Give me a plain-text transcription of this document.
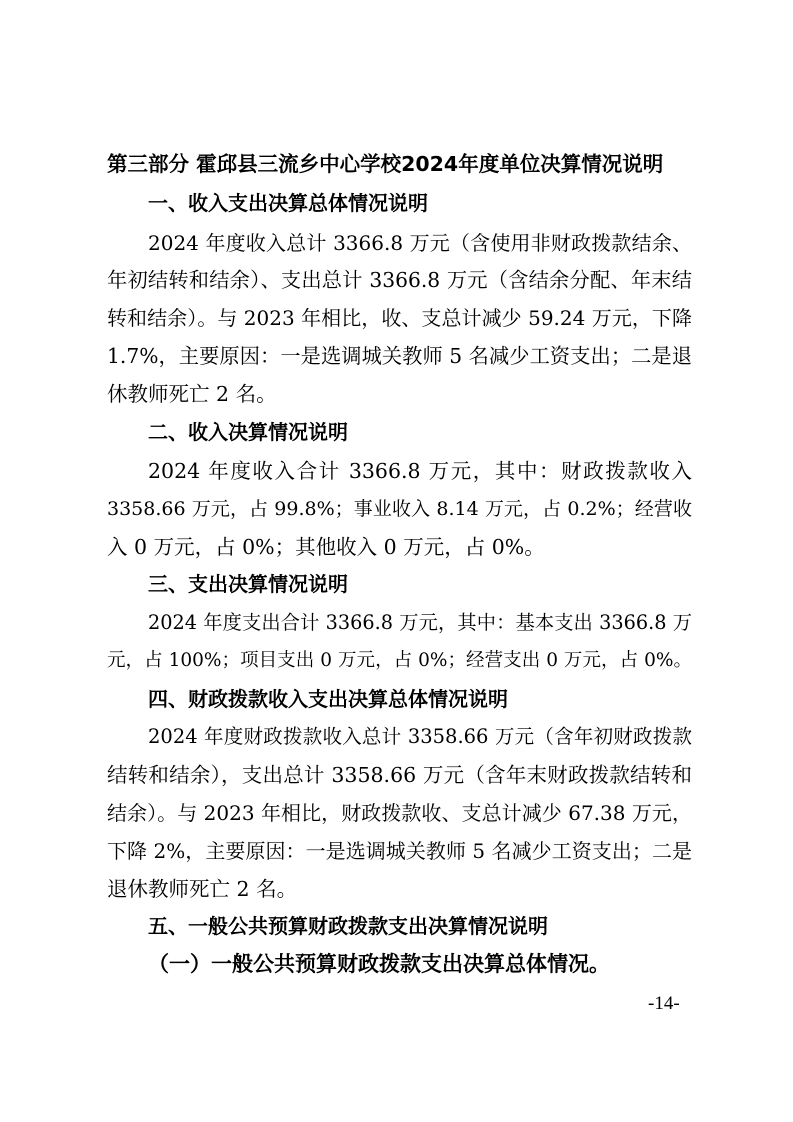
第三部分 霍邱县三流乡中心学校2024年度单位决算情况说明
一、收入支出决算总体情况说明
2024 年度收入总计 3366.8 万元（含使用非财政拨款结余、
年初结转和结余）、支出总计 3366.8 万元（含结余分配、年末结
转和结余）。与 2023 年相比，收、支总计减少 59.24 万元，下降
1.7%，主要原因：一是选调城关教师 5 名减少工资支出；二是退
休教师死亡 2 名。
二、收入决算情况说明
2024 年度收入合计 3366.8 万元，其中：财政拨款收入
3358.66 万元，占 99.8%；事业收入 8.14 万元，占 0.2%；经营收
入 0 万元，占 0%；其他收入 0 万元，占 0%。
三、支出决算情况说明
2024 年度支出合计 3366.8 万元，其中：基本支出 3366.8 万
元，占 100%；项目支出 0 万元，占 0%；经营支出 0 万元，占 0%。
四、财政拨款收入支出决算总体情况说明
2024 年度财政拨款收入总计 3358.66 万元（含年初财政拨款
结转和结余），支出总计 3358.66 万元（含年末财政拨款结转和
结余）。与 2023 年相比，财政拨款收、支总计减少 67.38 万元，
下降 2%，主要原因：一是选调城关教师 5 名减少工资支出；二是
退休教师死亡 2 名。
五、一般公共预算财政拨款支出决算情况说明
（一）一般公共预算财政拨款支出决算总体情况。
-14-
